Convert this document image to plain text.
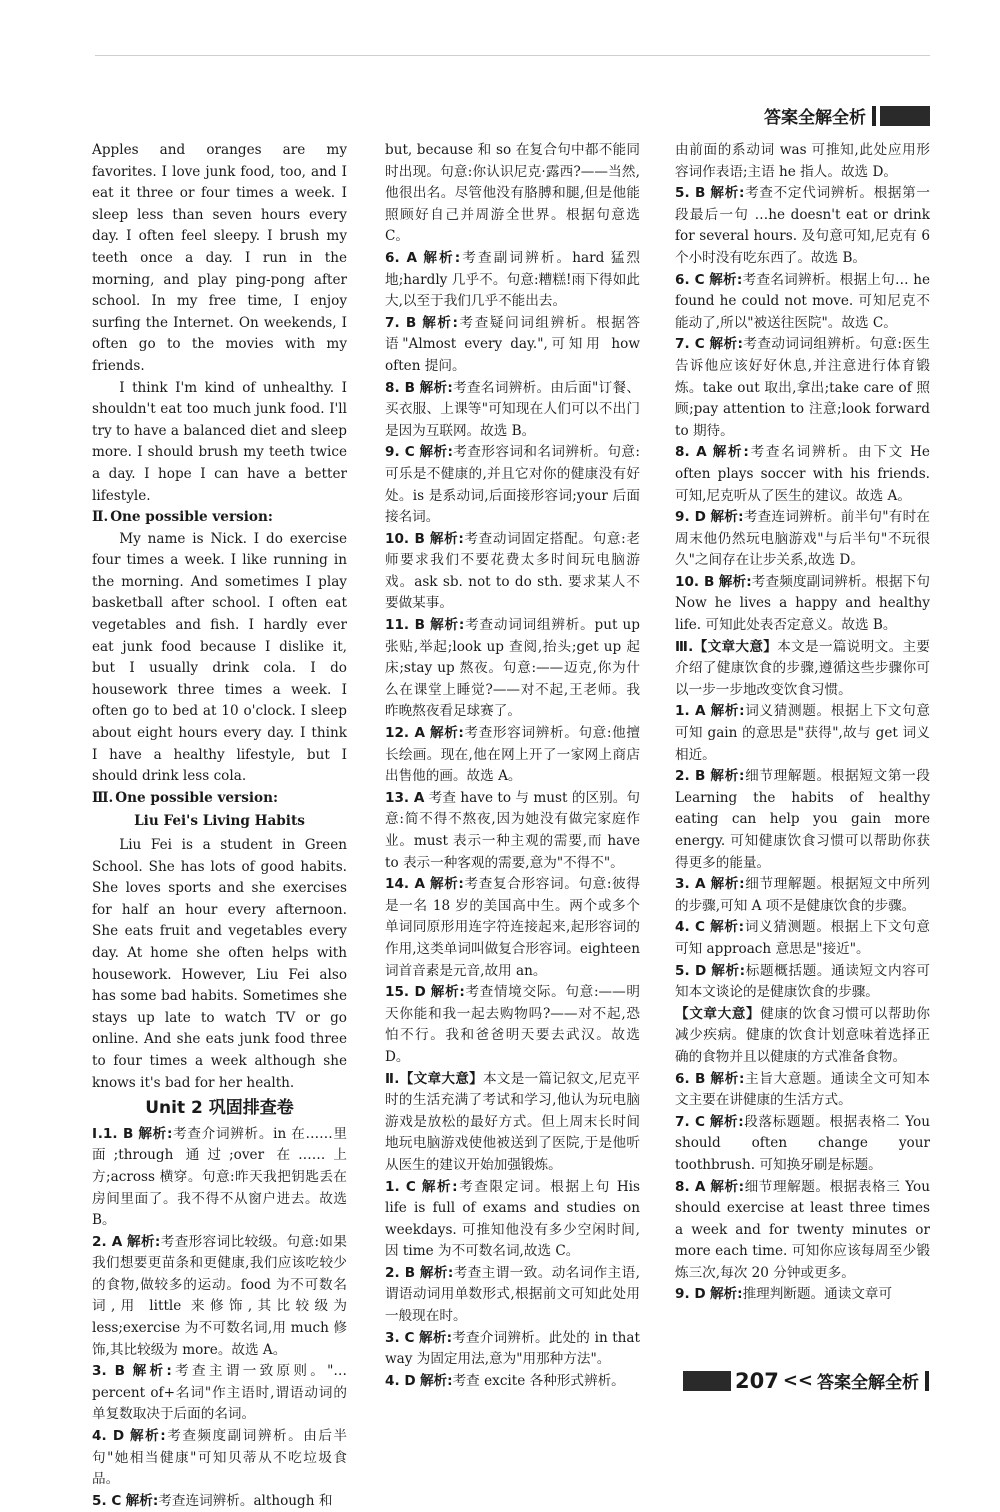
答案全解全析

Apples and oranges are my favorites. I love junk food, too, and I eat it three or four times a week. I sleep less than seven hours every day. I often feel sleepy. I brush my teeth once a day. I run in the morning, and play ping-pong after school. In my free time, I enjoy surfing the Internet. On weekends, I often go to the movies with my friends.

I think I'm kind of unhealthy. I shouldn't eat too much junk food. I'll try to have a balanced diet and sleep more. I should brush my teeth twice a day. I hope I can have a better lifestyle.

Ⅱ. One possible version:

My name is Nick. I do exercise four times a week. I like running in the morning. And sometimes I play basketball after school. I often eat vegetables and fish. I hardly ever eat junk food because I dislike it, but I usually drink cola. I do housework three times a week. I often go to bed at 10 o'clock. I sleep about eight hours every day. I think I have a healthy lifestyle, but I should drink less cola.

Ⅲ. One possible version:

Liu Fei's Living Habits

Liu Fei is a student in Green School. She has lots of good habits. She loves sports and she exercises for half an hour every afternoon. She eats fruit and vegetables every day. At home she often helps with housework. However, Liu Fei also has some bad habits. Sometimes she stays up late to watch TV or go online. And she eats junk food three to four times a week although she knows it's bad for her health.

Unit 2 巩固排查卷

Ⅰ.1. B 解析:考查介词辨析。in 在……里面;through 通过;over 在……上方;across 横穿。句意:昨天我把钥匙丢在房间里面了。我不得不从窗户进去。故选 B。

2. A 解析:考查形容词比较级。句意:如果我们想要更苗条和更健康,我们应该吃较少的食物,做较多的运动。food 为不可数名词,用 little 来修饰,其比较级为 less;exercise 为不可数名词,用 much 修饰,其比较级为 more。故选 A。

3. B 解析:考查主谓一致原则。"…percent of+名词"作主语时,谓语动词的单复数取决于后面的名词。

4. D 解析:考查频度副词辨析。由后半句"她相当健康"可知贝蒂从不吃垃圾食品。

5. C 解析:考查连词辨析。although 和

but, because 和 so 在复合句中都不能同时出现。句意:你认识尼克·露西?——当然,他很出名。尽管他没有胳膊和腿,但是他能照顾好自己并周游全世界。根据句意选 C。

6. A 解析:考查副词辨析。hard 猛烈地;hardly 几乎不。句意:糟糕!雨下得如此大,以至于我们几乎不能出去。

7. B 解析:考查疑问词组辨析。根据答语"Almost every day.",可知用 how often 提问。

8. B 解析:考查名词辨析。由后面"订餐、买衣服、上课等"可知现在人们可以不出门是因为互联网。故选 B。

9. C 解析:考查形容词和名词辨析。句意:可乐是不健康的,并且它对你的健康没有好处。is 是系动词,后面接形容词;your 后面接名词。

10. B 解析:考查动词固定搭配。句意:老师要求我们不要花费太多时间玩电脑游戏。ask sb. not to do sth. 要求某人不要做某事。

11. B 解析:考查动词词组辨析。put up 张贴,举起;look up 查阅,抬头;get up 起床;stay up 熬夜。句意:——迈克,你为什么在课堂上睡觉?——对不起,王老师。我昨晚熬夜看足球赛了。

12. A 解析:考查形容词辨析。句意:他擅长绘画。现在,他在网上开了一家网上商店出售他的画。故选 A。

13. A 考查 have to 与 must 的区别。句意:简不得不熬夜,因为她没有做完家庭作业。must 表示一种主观的需要,而 have to 表示一种客观的需要,意为"不得不"。

14. A 解析:考查复合形容词。句意:彼得是一名 18 岁的美国高中生。两个或多个单词同原形用连字符连接起来,起形容词的作用,这类单词叫做复合形容词。eighteen 词首音素是元音,故用 an。

15. D 解析:考查情境交际。句意:——明天你能和我一起去购物吗?——对不起,恐怕不行。我和爸爸明天要去武汉。故选 D。

Ⅱ.【文章大意】本文是一篇记叙文,尼克平时的生活充满了考试和学习,他认为玩电脑游戏是放松的最好方式。但上周末长时间地玩电脑游戏使他被送到了医院,于是他听从医生的建议开始加强锻炼。

1. C 解析:考查限定词。根据上句 His life is full of exams and studies on weekdays. 可推知他没有多少空闲时间,因 time 为不可数名词,故选 C。

2. B 解析:考查主谓一致。动名词作主语,谓语动词用单数形式,根据前文可知此处用一般现在时。

3. C 解析:考查介词辨析。此处的 in that way 为固定用法,意为"用那种方法"。

4. D 解析:考查 excite 各种形式辨析。

由前面的系动词 was 可推知,此处应用形容词作表语;主语 he 指人。故选 D。

5. B 解析:考查不定代词辨析。根据第一段最后一句 …he doesn't eat or drink for several hours. 及句意可知,尼克有 6 个小时没有吃东西了。故选 B。

6. C 解析:考查名词辨析。根据上句… he found he could not move. 可知尼克不能动了,所以"被送往医院"。故选 C。

7. C 解析:考查动词词组辨析。句意:医生告诉他应该好好休息,并注意进行体育锻炼。take out 取出,拿出;take care of 照顾;pay attention to 注意;look forward to 期待。

8. A 解析:考查名词辨析。由下文 He often plays soccer with his friends. 可知,尼克听从了医生的建议。故选 A。

9. D 解析:考查连词辨析。前半句"有时在周末他仍然玩电脑游戏"与后半句"不玩很久"之间存在让步关系,故选 D。

10. B 解析:考查频度副词辨析。根据下句 Now he lives a happy and healthy life. 可知此处表否定意义。故选 B。

Ⅲ.【文章大意】本文是一篇说明文。主要介绍了健康饮食的步骤,遵循这些步骤你可以一步一步地改变饮食习惯。

1. A 解析:词义猜测题。根据上下文句意可知 gain 的意思是"获得",故与 get 词义相近。

2. B 解析:细节理解题。根据短文第一段 Learning the habits of healthy eating can help you gain more energy. 可知健康饮食习惯可以帮助你获得更多的能量。

3. A 解析:细节理解题。根据短文中所列的步骤,可知 A 项不是健康饮食的步骤。

4. C 解析:词义猜测题。根据上下文句意可知 approach 意思是"接近"。

5. D 解析:标题概括题。通读短文内容可知本文谈论的是健康饮食的步骤。

【文章大意】健康的饮食习惯可以帮助你减少疾病。健康的饮食计划意味着选择正确的食物并且以健康的方式准备食物。

6. B 解析:主旨大意题。通读全文可知本文主要在讲健康的生活方式。

7. C 解析:段落标题题。根据表格二 You should often change your toothbrush. 可知换牙刷是标题。

8. A 解析:细节理解题。根据表格三 You should exercise at least three times a week and for twenty minutes or more each time. 可知你应该每周至少锻炼三次,每次 20 分钟或更多。

9. D 解析:推理判断题。通读文章可

207 << 答案全解全析
